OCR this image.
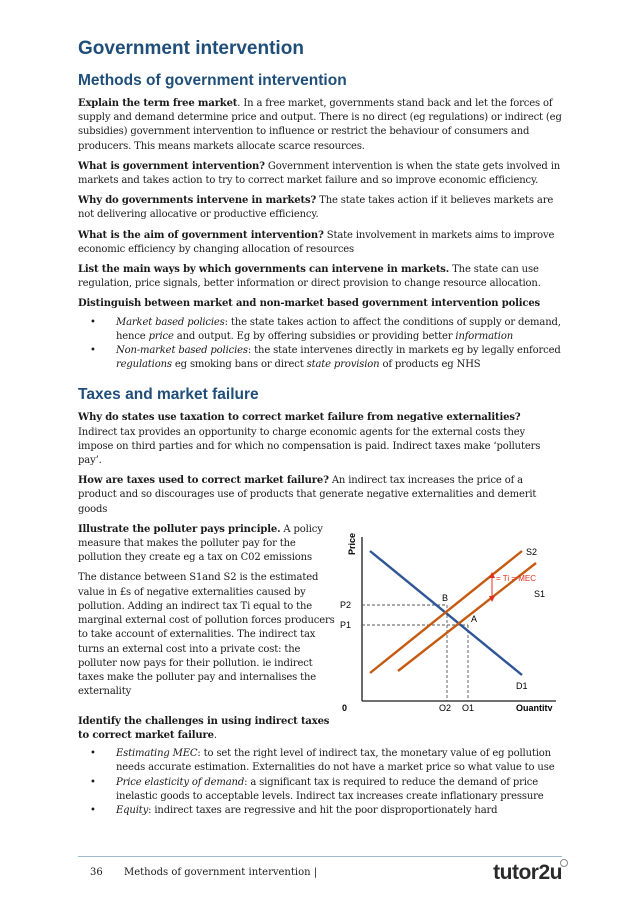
Government intervention
Methods of government intervention

Explain the term free market. In a free market, governments stand back and let the forces of supply and demand determine price and output. There is no direct (eg regulations) or indirect (eg subsidies) government intervention to influence or restrict the behaviour of consumers and producers. This means markets allocate scarce resources.

What is government intervention? Government intervention is when the state gets involved in markets and takes action to try to correct market failure and so improve economic efficiency.

Why do governments intervene in markets? The state takes action if it believes markets are not delivering allocative or productive efficiency.

What is the aim of government intervention? State involvement in markets aims to improve economic efficiency by changing allocation of resources

List the main ways by which governments can intervene in markets. The state can use regulation, price signals, better information or direct provision to change resource allocation.

Distinguish between market and non-market based government intervention polices

• Market based policies: the state takes action to affect the conditions of supply or demand, hence price and output. Eg by offering subsidies or providing better information
• Non-market based policies: the state intervenes directly in markets eg by legally enforced regulations eg smoking bans or direct state provision of products eg NHS
Taxes and market failure

Why do states use taxation to correct market failure from negative externalities? Indirect tax provides an opportunity to charge economic agents for the external costs they impose on third parties and for which no compensation is paid. Indirect taxes make ‘polluters pay’.

How are taxes used to correct market failure? An indirect tax increases the price of a product and so discourages use of products that generate negative externalities and demerit goods

Illustrate the polluter pays principle. A policy measure that makes the polluter pay for the pollution they create eg a tax on C02 emissions

The distance between S1and S2 is the estimated value in £s of negative externalities caused by pollution. Adding an indirect tax Ti equal to the marginal external cost of pollution forces producers to take account of externalities. The indirect tax turns an external cost into a private cost: the polluter now pays for their pollution. ie indirect taxes make the polluter pay and internalises the externality

Price
Quantity
0
= Ti = MEC
S2
S1
D1
B
A
P2
P1
Q2 Q1

Identify the challenges in using indirect taxes to correct market failure.

• Estimating MEC: to set the right level of indirect tax, the monetary value of eg pollution needs accurate estimation. Externalities do not have a market price so what value to use
• Price elasticity of demand: a significant tax is required to reduce the demand of price inelastic goods to acceptable levels. Indirect tax increases create inflationary pressure
• Equity: indirect taxes are regressive and hit the poor disproportionately hard
36 Methods of government intervention |	tutor2u
